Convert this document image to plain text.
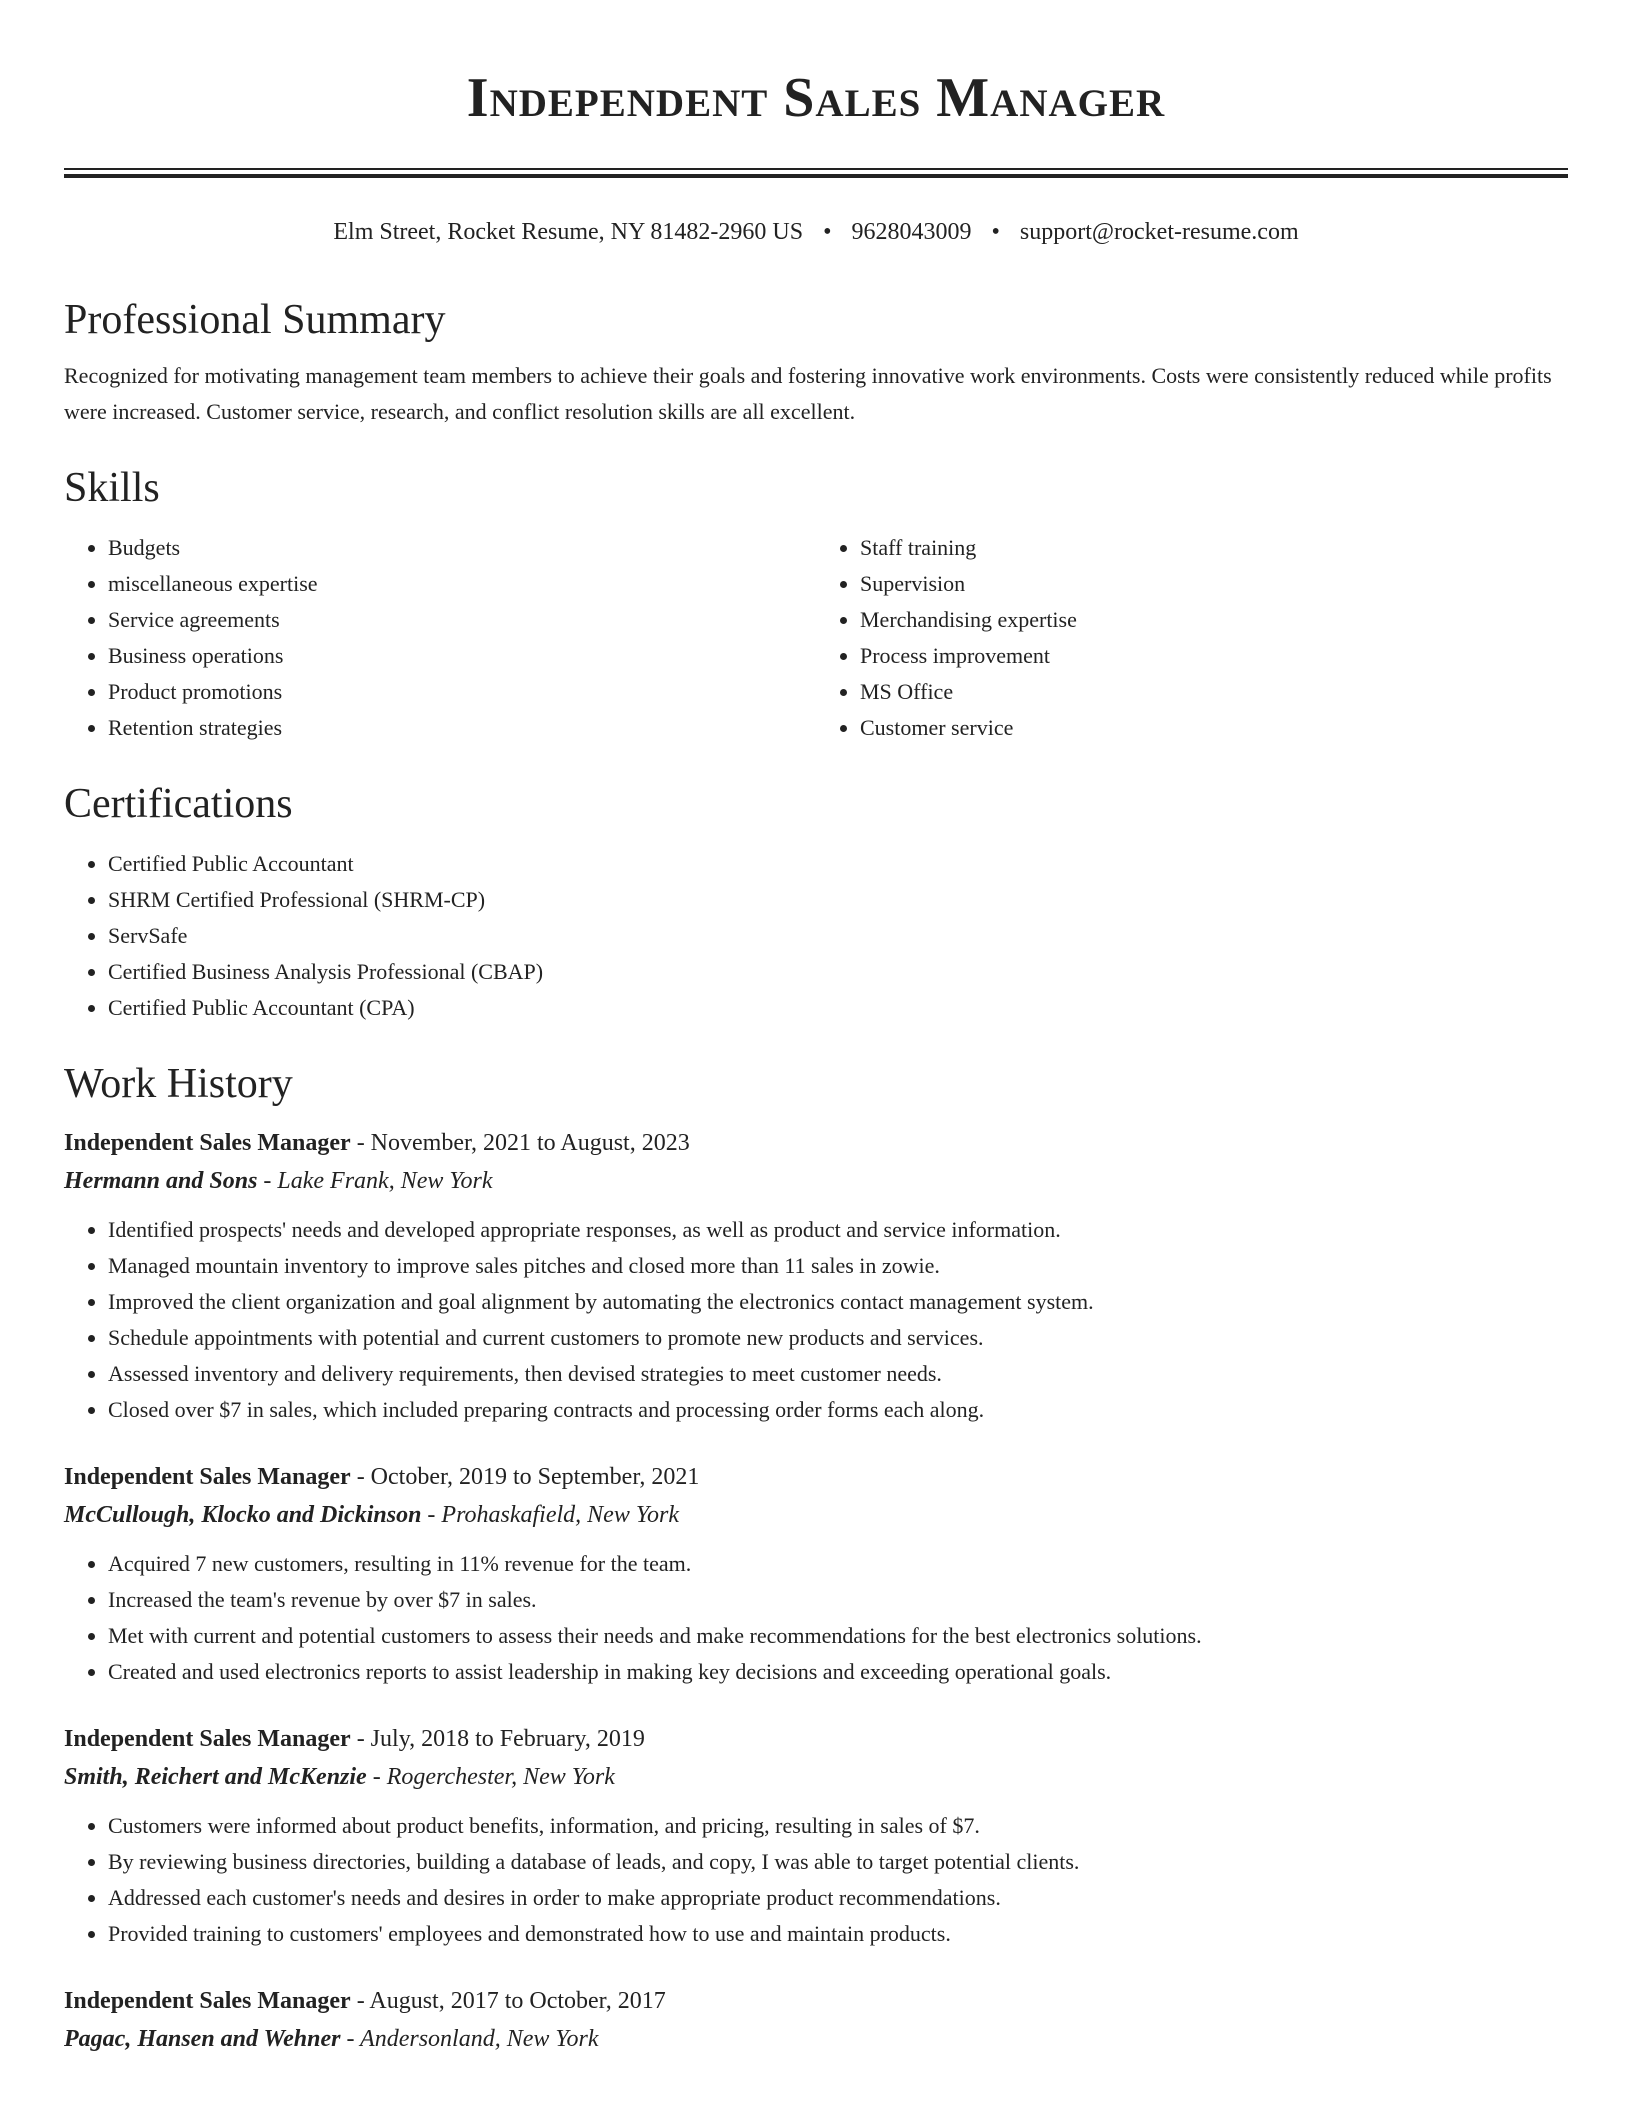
Independent Sales Manager
Elm Street, Rocket Resume, NY 81482-2960 US • 9628043009 • support@rocket-resume.com
Professional Summary

Recognized for motivating management team members to achieve their goals and fostering innovative work environments. Costs were consistently reduced while profits were increased. Customer service, research, and conflict resolution skills are all excellent.

Skills
• Budgets
• miscellaneous expertise
• Service agreements
• Business operations
• Product promotions
• Retention strategies
• Staff training
• Supervision
• Merchandising expertise
• Process improvement
• MS Office
• Customer service
Certifications
• Certified Public Accountant
• SHRM Certified Professional (SHRM-CP)
• ServSafe
• Certified Business Analysis Professional (CBAP)
• Certified Public Accountant (CPA)
Work History
Independent Sales Manager - November, 2021 to August, 2023
Hermann and Sons - Lake Frank, New York
• Identified prospects' needs and developed appropriate responses, as well as product and service information.
• Managed mountain inventory to improve sales pitches and closed more than 11 sales in zowie.
• Improved the client organization and goal alignment by automating the electronics contact management system.
• Schedule appointments with potential and current customers to promote new products and services.
• Assessed inventory and delivery requirements, then devised strategies to meet customer needs.
• Closed over $7 in sales, which included preparing contracts and processing order forms each along.
Independent Sales Manager - October, 2019 to September, 2021
McCullough, Klocko and Dickinson - Prohaskafield, New York
• Acquired 7 new customers, resulting in 11% revenue for the team.
• Increased the team's revenue by over $7 in sales.
• Met with current and potential customers to assess their needs and make recommendations for the best electronics solutions.
• Created and used electronics reports to assist leadership in making key decisions and exceeding operational goals.
Independent Sales Manager - July, 2018 to February, 2019
Smith, Reichert and McKenzie - Rogerchester, New York
• Customers were informed about product benefits, information, and pricing, resulting in sales of $7.
• By reviewing business directories, building a database of leads, and copy, I was able to target potential clients.
• Addressed each customer's needs and desires in order to make appropriate product recommendations.
• Provided training to customers' employees and demonstrated how to use and maintain products.
Independent Sales Manager - August, 2017 to October, 2017
Pagac, Hansen and Wehner - Andersonland, New York
